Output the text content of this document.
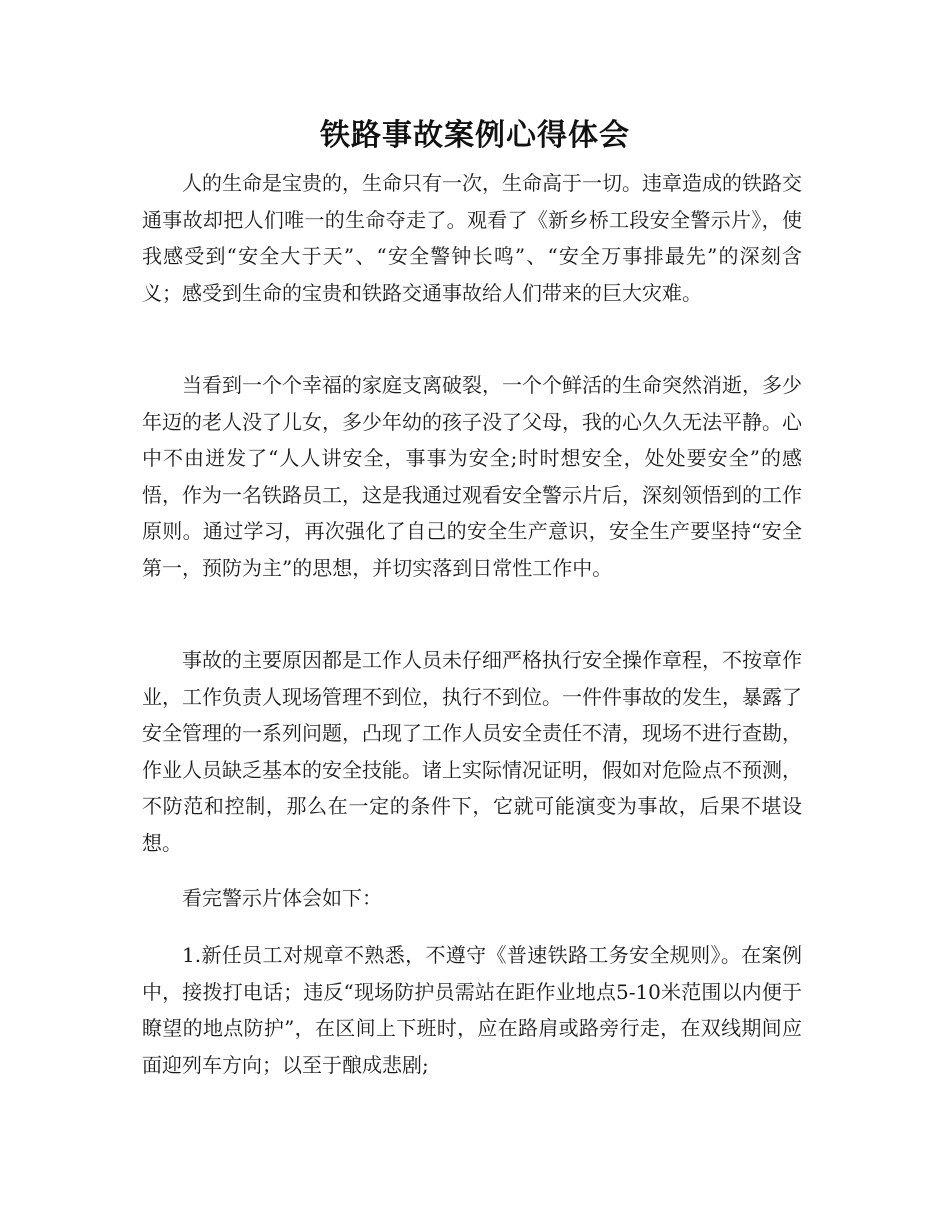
铁路事故案例心得体会

人的生命是宝贵的，生命只有一次，生命高于一切。违章造成的铁路交通事故却把人们唯一的生命夺走了。观看了《新乡桥工段安全警示片》，使我感受到“安全大于天”、“安全警钟长鸣”、“安全万事排最先”的深刻含义；感受到生命的宝贵和铁路交通事故给人们带来的巨大灾难。

当看到一个个幸福的家庭支离破裂，一个个鲜活的生命突然消逝，多少年迈的老人没了儿女，多少年幼的孩子没了父母，我的心久久无法平静。心中不由迸发了“人人讲安全，事事为安全;时时想安全，处处要安全”的感悟，作为一名铁路员工，这是我通过观看安全警示片后，深刻领悟到的工作原则。通过学习，再次强化了自己的安全生产意识，安全生产要坚持“安全第一，预防为主”的思想，并切实落到日常性工作中。

事故的主要原因都是工作人员未仔细严格执行安全操作章程，不按章作业，工作负责人现场管理不到位，执行不到位。一件件事故的发生，暴露了安全管理的一系列问题，凸现了工作人员安全责任不清，现场不进行查勘，作业人员缺乏基本的安全技能。诸上实际情况证明，假如对危险点不预测，不防范和控制，那么在一定的条件下，它就可能演变为事故，后果不堪设想。

看完警示片体会如下：

1.新任员工对规章不熟悉，不遵守《普速铁路工务安全规则》。在案例中，接拨打电话；违反“现场防护员需站在距作业地点5-10米范围以内便于瞭望的地点防护”，在区间上下班时，应在路肩或路旁行走，在双线期间应面迎列车方向；以至于酿成悲剧;
